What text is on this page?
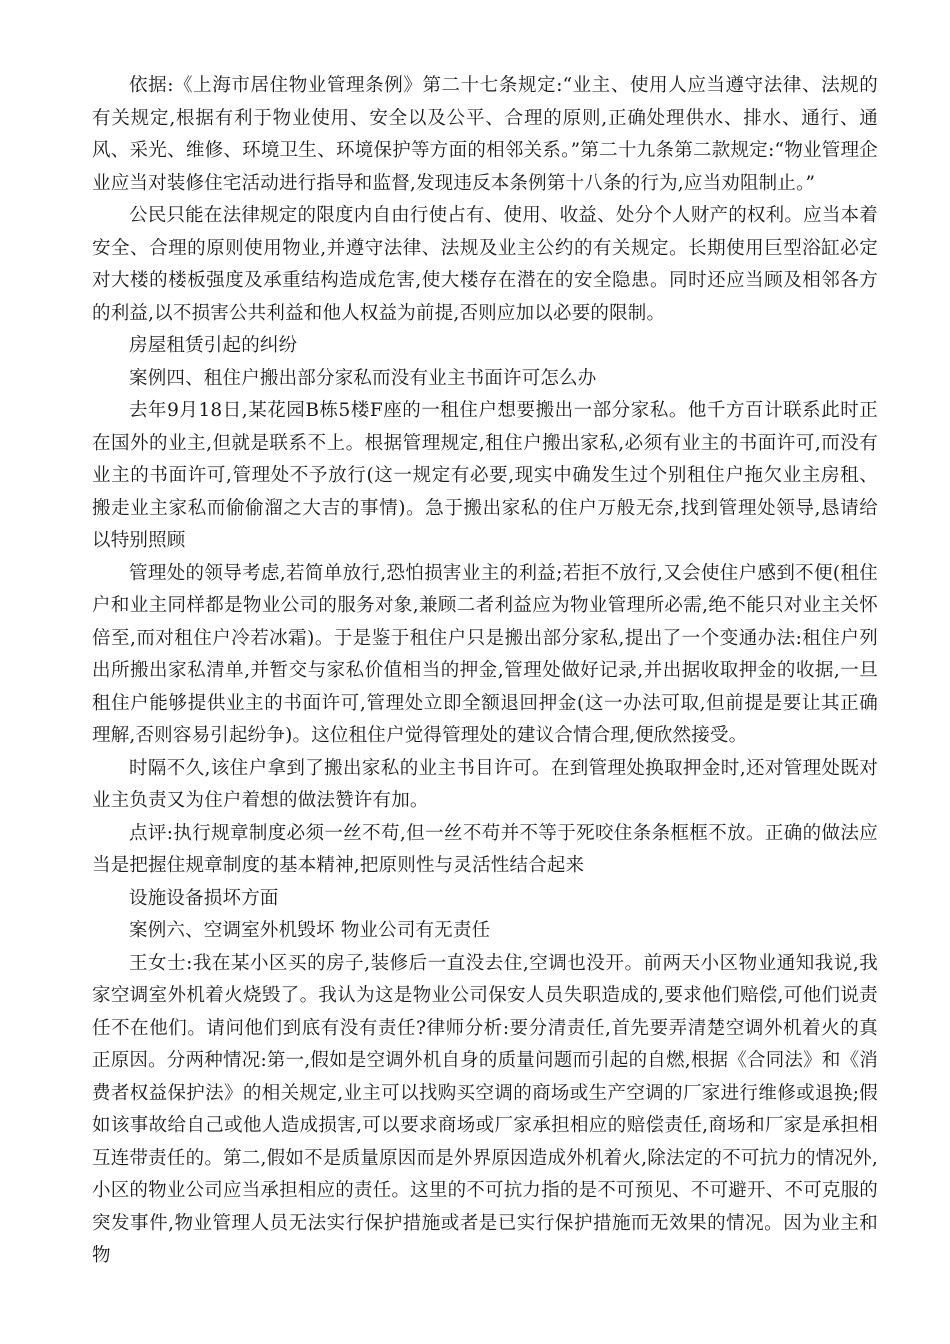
依据:《上海市居住物业管理条例》第二十七条规定:“业主、使用人应当遵守法律、法规的有关规定,根据有利于物业使用、安全以及公平、合理的原则,正确处理供水、排水、通行、通风、采光、维修、环境卫生、环境保护等方面的相邻关系。”第二十九条第二款规定:“物业管理企业应当对装修住宅活动进行指导和监督,发现违反本条例第十八条的行为,应当劝阻制止。”

公民只能在法律规定的限度内自由行使占有、使用、收益、处分个人财产的权利。应当本着安全、合理的原则使用物业,并遵守法律、法规及业主公约的有关规定。长期使用巨型浴缸必定对大楼的楼板强度及承重结构造成危害,使大楼存在潜在的安全隐患。同时还应当顾及相邻各方的利益,以不损害公共利益和他人权益为前提,否则应加以必要的限制。

房屋租赁引起的纠纷

案例四、租住户搬出部分家私而没有业主书面许可怎么办

去年9月18日,某花园B栋5楼F座的一租住户想要搬出一部分家私。他千方百计联系此时正在国外的业主,但就是联系不上。根据管理规定,租住户搬出家私,必须有业主的书面许可,而没有业主的书面许可,管理处不予放行(这一规定有必要,现实中确发生过个别租住户拖欠业主房租、搬走业主家私而偷偷溜之大吉的事情)。急于搬出家私的住户万般无奈,找到管理处领导,恳请给以特别照顾

管理处的领导考虑,若简单放行,恐怕损害业主的利益;若拒不放行,又会使住户感到不便(租住户和业主同样都是物业公司的服务对象,兼顾二者利益应为物业管理所必需,绝不能只对业主关怀倍至,而对租住户冷若冰霜)。于是鉴于租住户只是搬出部分家私,提出了一个变通办法:租住户列出所搬出家私清单,并暂交与家私价值相当的押金,管理处做好记录,并出据收取押金的收据,一旦租住户能够提供业主的书面许可,管理处立即全额退回押金(这一办法可取,但前提是要让其正确理解,否则容易引起纷争)。这位租住户觉得管理处的建议合情合理,便欣然接受。

时隔不久,该住户拿到了搬出家私的业主书目许可。在到管理处换取押金时,还对管理处既对业主负责又为住户着想的做法赞许有加。

点评:执行规章制度必须一丝不苟,但一丝不苟并不等于死咬住条条框框不放。正确的做法应当是把握住规章制度的基本精神,把原则性与灵活性结合起来

设施设备损坏方面

案例六、空调室外机毁坏 物业公司有无责任

王女士:我在某小区买的房子,装修后一直没去住,空调也没开。前两天小区物业通知我说,我家空调室外机着火烧毁了。我认为这是物业公司保安人员失职造成的,要求他们赔偿,可他们说责任不在他们。请问他们到底有没有责任?律师分析:要分清责任,首先要弄清楚空调外机着火的真正原因。分两种情况:第一,假如是空调外机自身的质量问题而引起的自燃,根据《合同法》和《消费者权益保护法》的相关规定,业主可以找购买空调的商场或生产空调的厂家进行维修或退换;假如该事故给自己或他人造成损害,可以要求商场或厂家承担相应的赔偿责任,商场和厂家是承担相互连带责任的。第二,假如不是质量原因而是外界原因造成外机着火,除法定的不可抗力的情况外,小区的物业公司应当承担相应的责任。这里的不可抗力指的是不可预见、不可避开、不可克服的突发事件,物业管理人员无法实行保护措施或者是已实行保护措施而无效果的情况。因为业主和物
